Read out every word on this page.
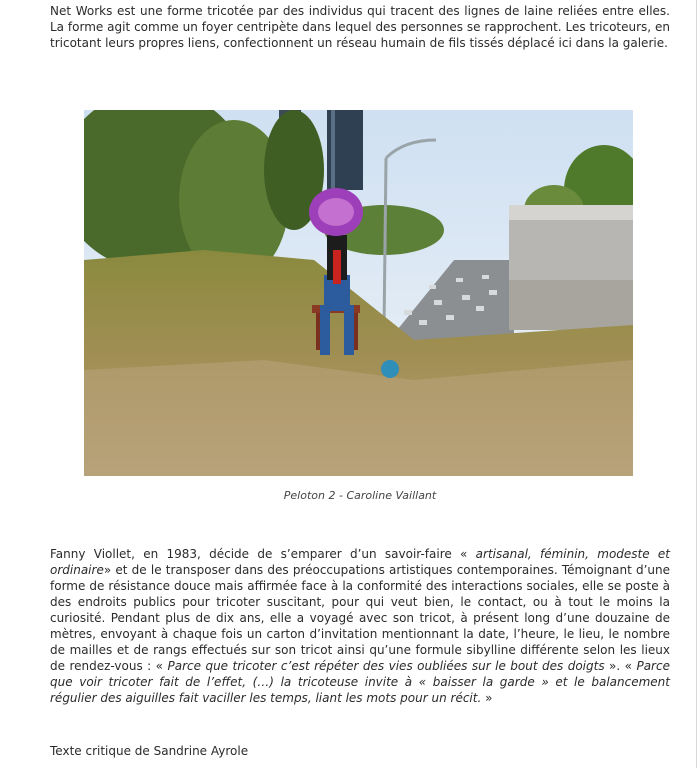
Net Works est une forme tricotée par des individus qui tracent des lignes de laine reliées entre elles. La forme agit comme un foyer centripète dans lequel des personnes se rapprochent. Les tricoteurs, en tricotant leurs propres liens, confectionnent un réseau humain de fils tissés déplacé ici dans la galerie.

Peloton 2 - Caroline Vaillant

Fanny Viollet, en 1983, décide de s’emparer d’un savoir-faire « artisanal, féminin, modeste et ordinaire» et de le transposer dans des préoccupations artistiques contemporaines. Témoignant d’une forme de résistance douce mais affirmée face à la conformité des interactions sociales, elle se poste à des endroits publics pour tricoter suscitant, pour qui veut bien, le contact, ou à tout le moins la curiosité. Pendant plus de dix ans, elle a voyagé avec son tricot, à présent long d’une douzaine de mètres, envoyant à chaque fois un carton d’invitation mentionnant la date, l’heure, le lieu, le nombre de mailles et de rangs effectués sur son tricot ainsi qu’une formule sibylline différente selon les lieux de rendez-vous : « Parce que tricoter c’est répéter des vies oubliées sur le bout des doigts ». « Parce que voir tricoter fait de l’effet, (…) la tricoteuse invite à « baisser la garde » et le balancement régulier des aiguilles fait vaciller les temps, liant les mots pour un récit. »

Texte critique de Sandrine Ayrole
